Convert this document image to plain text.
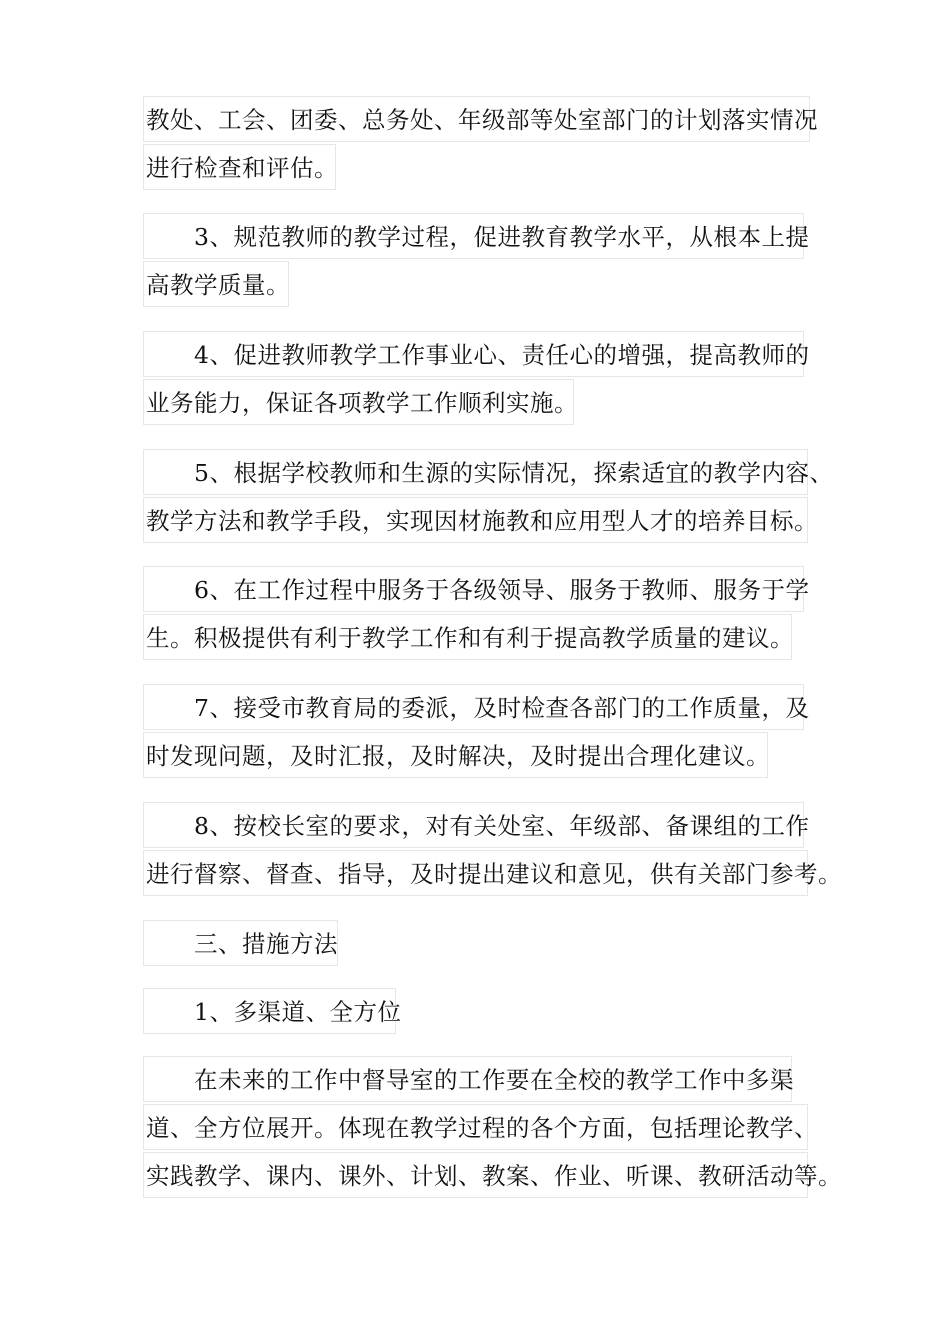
教处、工会、团委、总务处、年级部等处室部门的计划落实情况
进行检查和评估。
3、规范教师的教学过程，促进教育教学水平，从根本上提
高教学质量。
4、促进教师教学工作事业心、责任心的增强，提高教师的
业务能力，保证各项教学工作顺利实施。
5、根据学校教师和生源的实际情况，探索适宜的教学内容、
教学方法和教学手段，实现因材施教和应用型人才的培养目标。
6、在工作过程中服务于各级领导、服务于教师、服务于学
生。积极提供有利于教学工作和有利于提高教学质量的建议。
7、接受市教育局的委派，及时检查各部门的工作质量，及
时发现问题，及时汇报，及时解决，及时提出合理化建议。
8、按校长室的要求，对有关处室、年级部、备课组的工作
进行督察、督查、指导，及时提出建议和意见，供有关部门参考。
三、措施方法
1、多渠道、全方位
在未来的工作中督导室的工作要在全校的教学工作中多渠
道、全方位展开。体现在教学过程的各个方面，包括理论教学、
实践教学、课内、课外、计划、教案、作业、听课、教研活动等。
